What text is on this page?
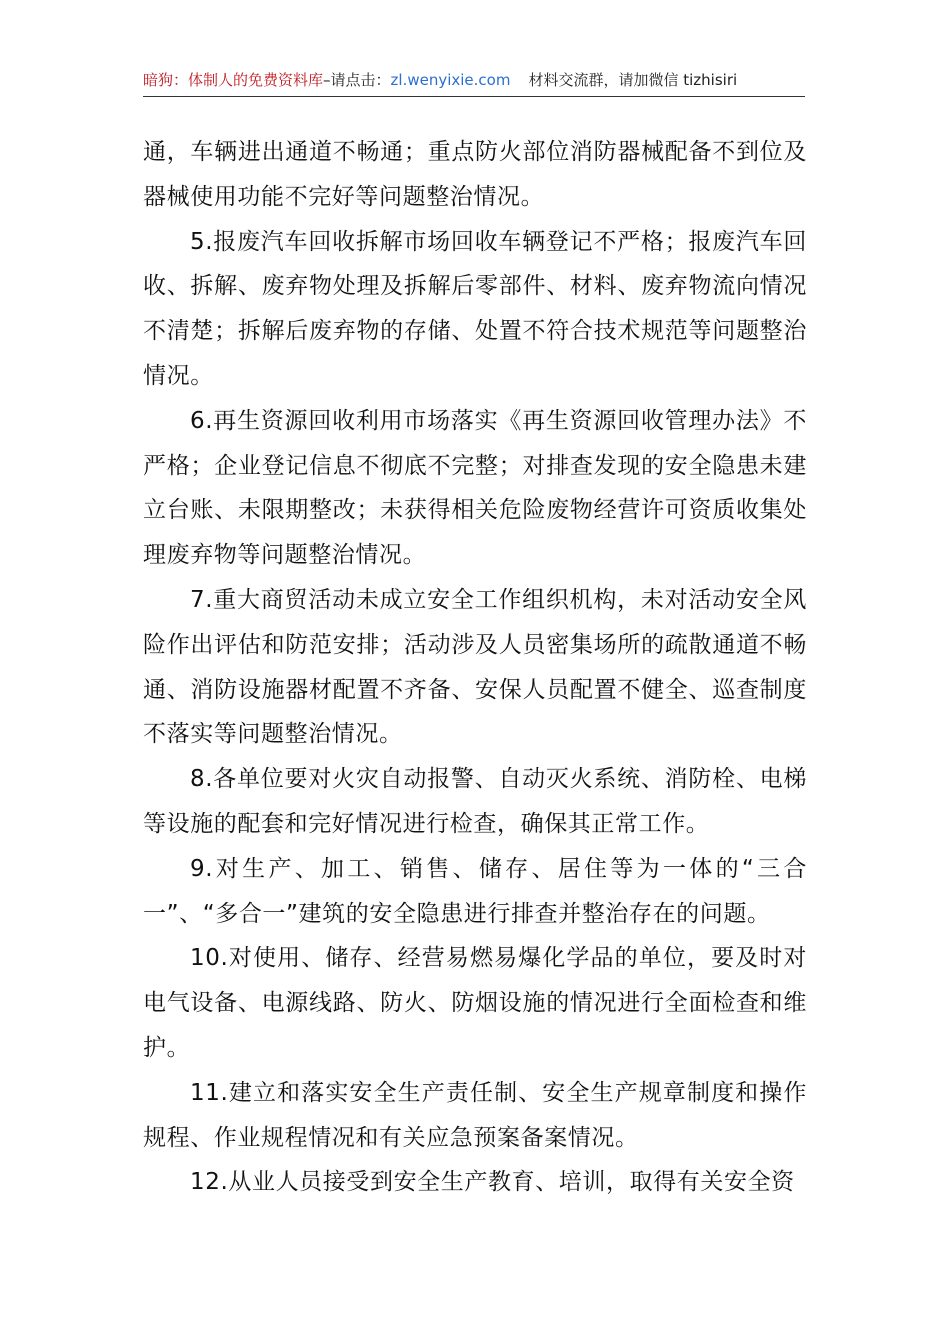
暗狗：体制人的免费资料库–请点击：zl.wenyixie.com 材料交流群，请加微信 tizhisiri

通，车辆进出通道不畅通；重点防火部位消防器械配备不到位及器械使用功能不完好等问题整治情况。

5.报废汽车回收拆解市场回收车辆登记不严格；报废汽车回收、拆解、废弃物处理及拆解后零部件、材料、废弃物流向情况不清楚；拆解后废弃物的存储、处置不符合技术规范等问题整治情况。

6.再生资源回收利用市场落实《再生资源回收管理办法》不严格；企业登记信息不彻底不完整；对排查发现的安全隐患未建立台账、未限期整改；未获得相关危险废物经营许可资质收集处理废弃物等问题整治情况。

7.重大商贸活动未成立安全工作组织机构，未对活动安全风险作出评估和防范安排；活动涉及人员密集场所的疏散通道不畅通、消防设施器材配置不齐备、安保人员配置不健全、巡查制度不落实等问题整治情况。

8.各单位要对火灾自动报警、自动灭火系统、消防栓、电梯等设施的配套和完好情况进行检查，确保其正常工作。

9.对生产、加工、销售、储存、居住等为一体的“三合一”、“多合一”建筑的安全隐患进行排查并整治存在的问题。

10.对使用、储存、经营易燃易爆化学品的单位，要及时对电气设备、电源线路、防火、防烟设施的情况进行全面检查和维护。

11.建立和落实安全生产责任制、安全生产规章制度和操作规程、作业规程情况和有关应急预案备案情况。

12.从业人员接受到安全生产教育、培训，取得有关安全资
